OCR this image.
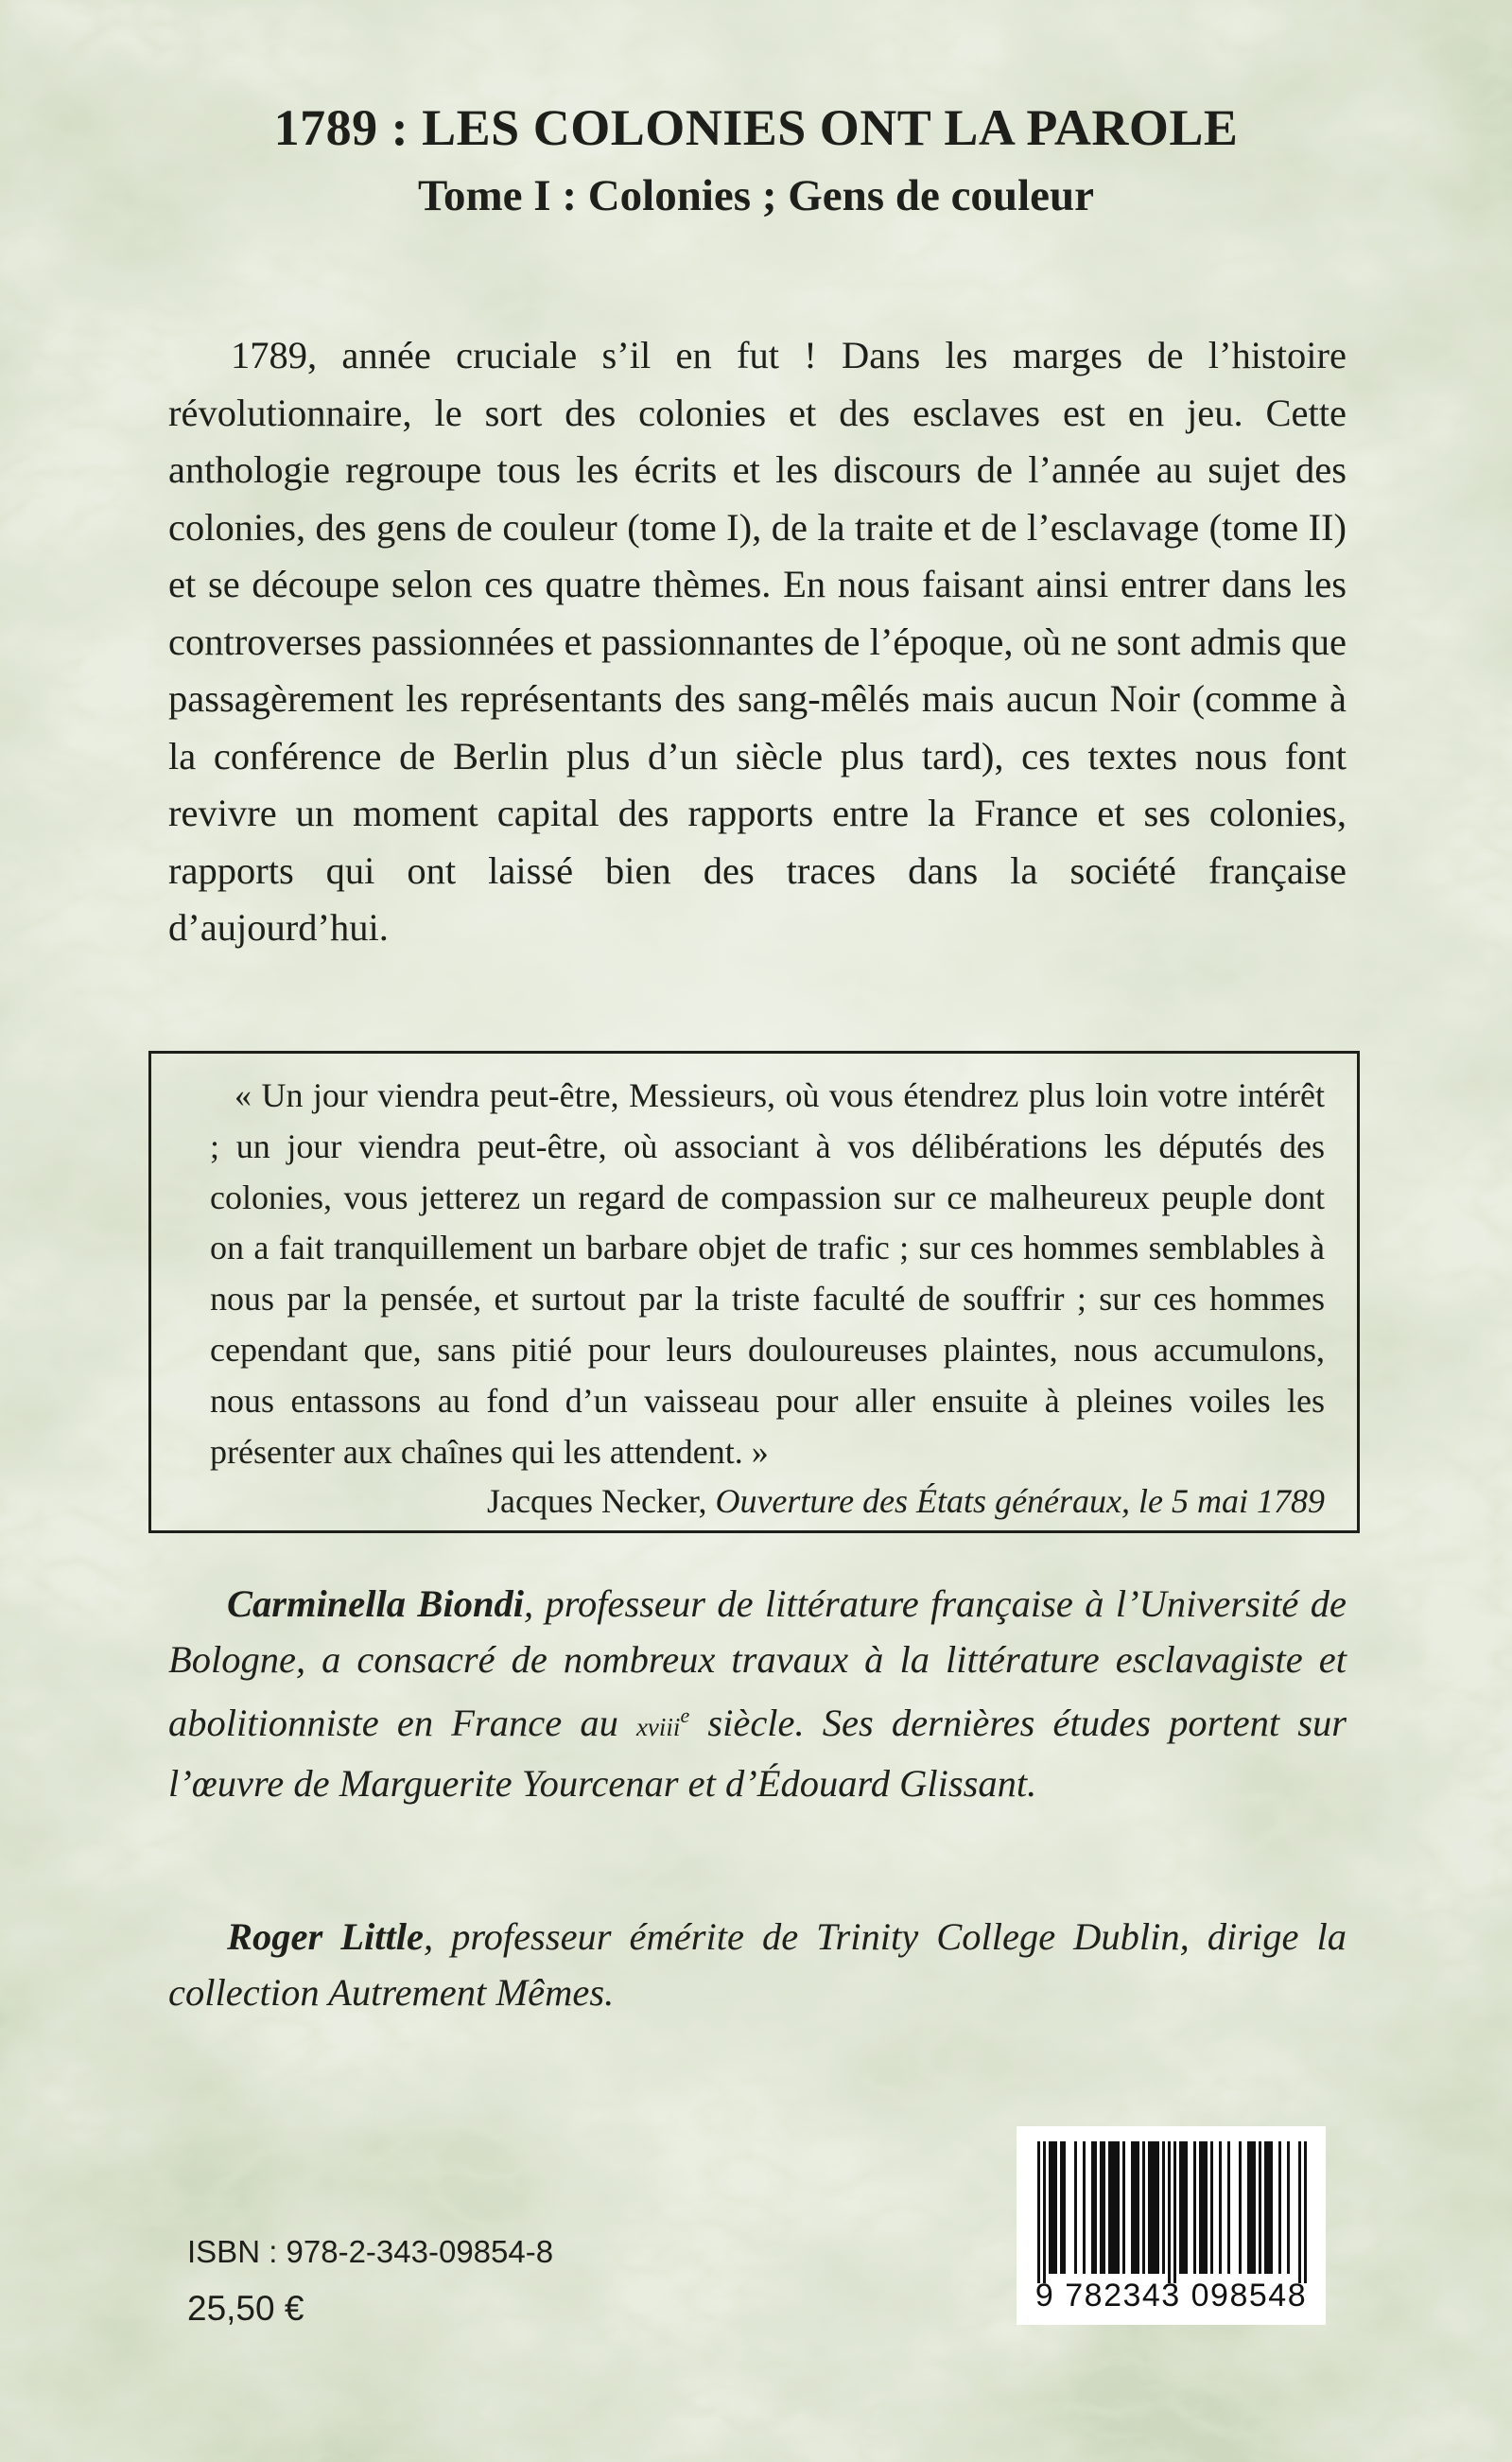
1789 : LES COLONIES ONT LA PAROLE
Tome I : Colonies ; Gens de couleur

1789, année cruciale s’il en fut ! Dans les marges de l’histoire révolutionnaire, le sort des colonies et des esclaves est en jeu. Cette anthologie regroupe tous les écrits et les discours de l’année au sujet des colonies, des gens de couleur (tome I), de la traite et de l’esclavage (tome II) et se découpe selon ces quatre thèmes. En nous faisant ainsi entrer dans les controverses passionnées et passionnantes de l’époque, où ne sont admis que passagèrement les représentants des sang-mêlés mais aucun Noir (comme à la conférence de Berlin plus d’un siècle plus tard), ces textes nous font revivre un moment capital des rapports entre la France et ses colonies, rapports qui ont laissé bien des traces dans la société française d’aujourd’hui.

« Un jour viendra peut-être, Messieurs, où vous étendrez plus loin votre intérêt ; un jour viendra peut-être, où associant à vos délibérations les députés des colonies, vous jetterez un regard de compassion sur ce malheureux peuple dont on a fait tranquillement un barbare objet de trafic ; sur ces hommes semblables à nous par la pensée, et surtout par la triste faculté de souffrir ; sur ces hommes cependant que, sans pitié pour leurs douloureuses plaintes, nous accumulons, nous entassons au fond d’un vaisseau pour aller ensuite à pleines voiles les présenter aux chaînes qui les attendent. »

Jacques Necker, Ouverture des États généraux, le 5 mai 1789

Carminella Biondi, professeur de littérature française à l’Université de Bologne, a consacré de nombreux travaux à la littérature esclavagiste et abolitionniste en France au xviii$^e$ siècle. Ses dernières études portent sur l’œuvre de Marguerite Yourcenar et d’Édouard Glissant.

Roger Little, professeur émérite de Trinity College Dublin, dirige la collection Autrement Mêmes.

ISBN : 978-2-343-09854-8
25,50 €	9 782343 098548
